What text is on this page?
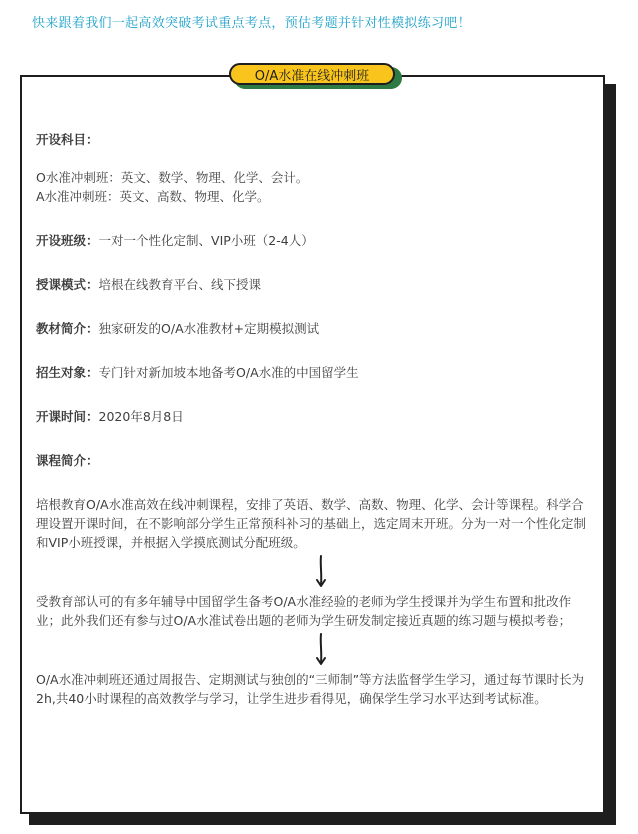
快来跟着我们一起高效突破考试重点考点，预估考题并针对性模拟练习吧！
O/A水准在线冲刺班

开设科目：

O水准冲刺班：英文、数学、物理、化学、会计。

A水准冲刺班：英文、高数、物理、化学。

开设班级：一对一个性化定制、VIP小班（2-4人）

授课模式：培根在线教育平台、线下授课

教材简介：独家研发的O/A水准教材+定期模拟测试

招生对象：专门针对新加坡本地备考O/A水准的中国留学生

开课时间：2020年8月8日

课程简介：

培根教育O/A水准高效在线冲刺课程，安排了英语、数学、高数、物理、化学、会计等课程。科学合理设置开课时间，在不影响部分学生正常预科补习的基础上，选定周末开班。分为一对一个性化定制和VIP小班授课，并根据入学摸底测试分配班级。

受教育部认可的有多年辅导中国留学生备考O/A水准经验的老师为学生授课并为学生布置和批改作业；此外我们还有参与过O/A水准试卷出题的老师为学生研发制定接近真题的练习题与模拟考卷；

O/A水准冲刺班还通过周报告、定期测试与独创的“三师制”等方法监督学生学习，通过每节课时长为2h,共40小时课程的高效教学与学习，让学生进步看得见，确保学生学习水平达到考试标准。
